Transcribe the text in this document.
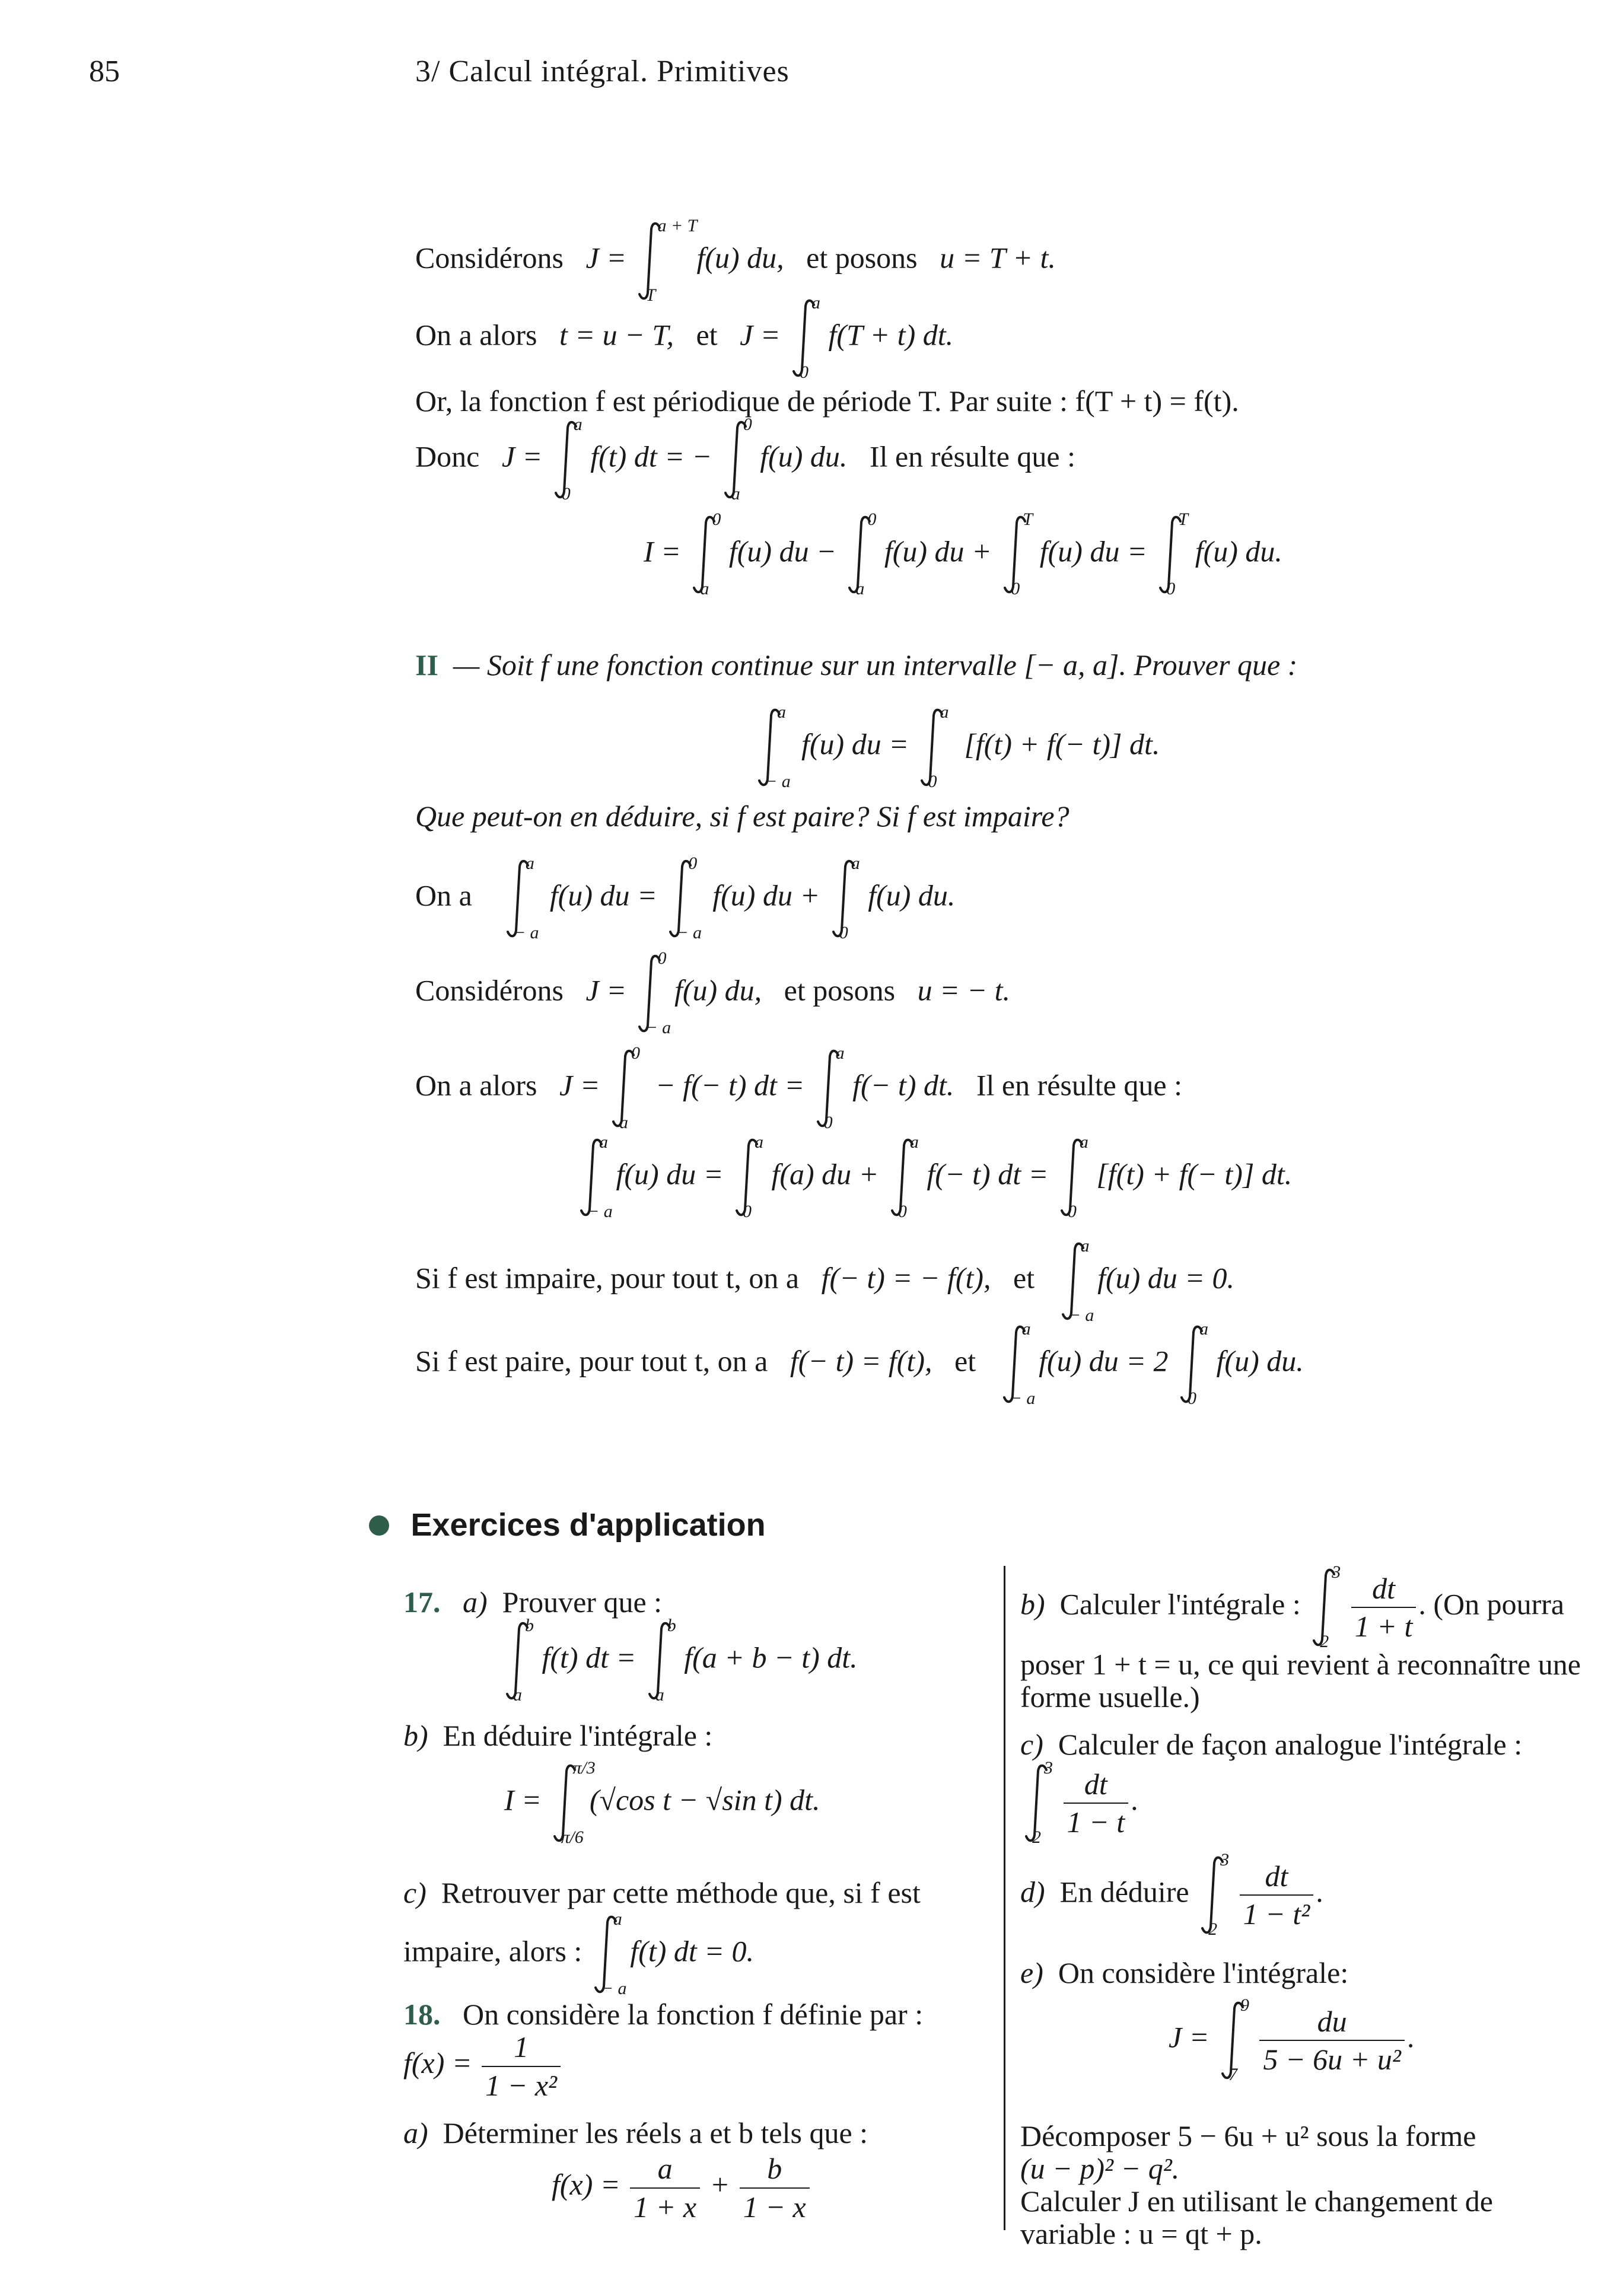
85	3/ Calcul intégral. Primitives
Considérons J =
a + T
T
f(u) du, et posons u = T + t.
On a alors t = u − T, et J =
a
0
f(T + t) dt.
Or, la fonction f est périodique de période T. Par suite : f(T + t) = f(t).
Donc J =
a
0
f(t) dt = −
0
a
f(u) du. Il en résulte que :
I =
0
a
f(u) du −
0
a
f(u) du +
T
0
f(u) du =
T
0
f(u) du.
II — Soit f une fonction continue sur un intervalle [− a, a]. Prouver que :
a
− a
f(u) du =
a
0
[f(t) + f(− t)] dt.
Que peut-on en déduire, si f est paire? Si f est impaire?
On a
a
− a
f(u) du =
0
− a
f(u) du +
a
0
f(u) du.
Considérons J =
0
− a
f(u) du, et posons u = − t.
On a alors J =
0
a
− f(− t) dt =
a
0
f(− t) dt. Il en résulte que :
a
− a
f(u) du =
a
0
f(a) du +
a
0
f(− t) dt =
a
0
[f(t) + f(− t)] dt.
Si f est impaire, pour tout t, on a f(− t) = − f(t), et
a
− a
f(u) du = 0.
Si f est paire, pour tout t, on a f(− t) = f(t), et
a
− a
f(u) du = 2
a
0
f(u) du.
Exercices d'application
17. a) Prouver que :
b
a
f(t) dt =
b
a
f(a + b − t) dt.
b) En déduire l'intégrale :
I =
π/3
π/6
(√cos t − √sin t) dt.
c) Retrouver par cette méthode que, si f est
impaire, alors :
a
− a
f(t) dt = 0.
18. On considère la fonction f définie par :
$f(x) = \frac{1}{\text{1 − x²}}$
a) Déterminer les réels a et b tels que :
$f(x) = \frac{a}{1 + x} + \frac{b}{1 - x}$
b) Calculer l'intégrale :
3
2
$\frac{dt}{1 + t}$ . (On pourra
poser 1 + t = u, ce qui revient à reconnaître une
forme usuelle.)
c) Calculer de façon analogue l'intégrale :
3
2
$\frac{dt}{1 - t}$ .
d) En déduire
3
2
$\frac{dt}{\text{1 − t²}}$ .
e) On considère l'intégrale:
J =
9
7
$\frac{du}{\text{5 − 6u + u²}}$ .
Décomposer 5 − 6u + u² sous la forme
(u − p)² − q².
Calculer J en utilisant le changement de
variable : u = qt + p.
